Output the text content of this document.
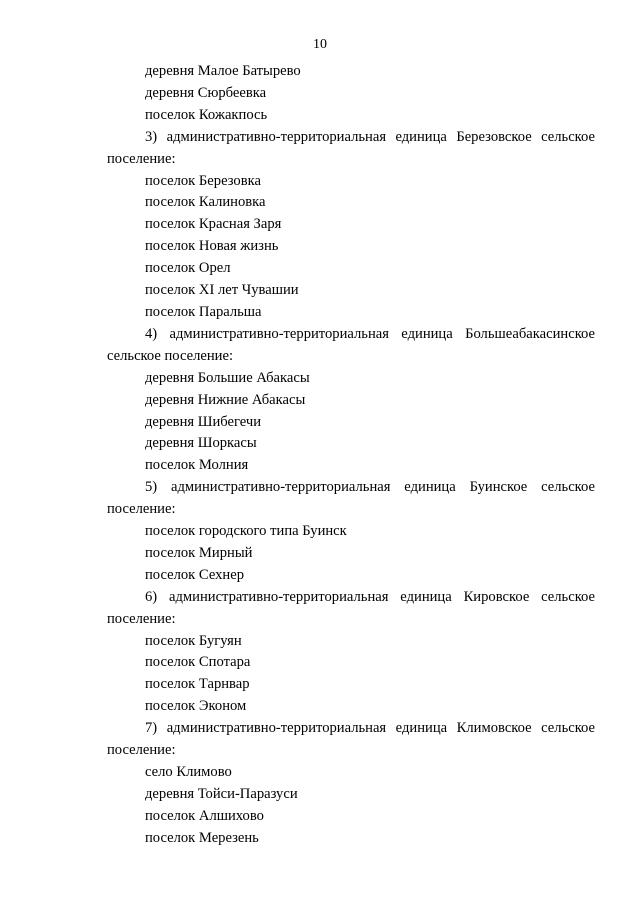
10
деревня Малое Батырево
деревня Сюрбеевка
поселок Кожакпось
3) административно-территориальная единица Березовское сельское
поселение:
поселок Березовка
поселок Калиновка
поселок Красная Заря
поселок Новая жизнь
поселок Орел
поселок XI лет Чувашии
поселок Паральша
4) административно-территориальная единица Большеабакасинское
сельское поселение:
деревня Большие Абакасы
деревня Нижние Абакасы
деревня Шибегечи
деревня Шоркасы
поселок Молния
5) административно-территориальная единица Буинское сельское
поселение:
поселок городского типа Буинск
поселок Мирный
поселок Сехнер
6) административно-территориальная единица Кировское сельское
поселение:
поселок Бугуян
поселок Спотара
поселок Тарнвар
поселок Эконом
7) административно-территориальная единица Климовское сельское
поселение:
село Климово
деревня Тойси-Паразуси
поселок Алшихово
поселок Мерезень
